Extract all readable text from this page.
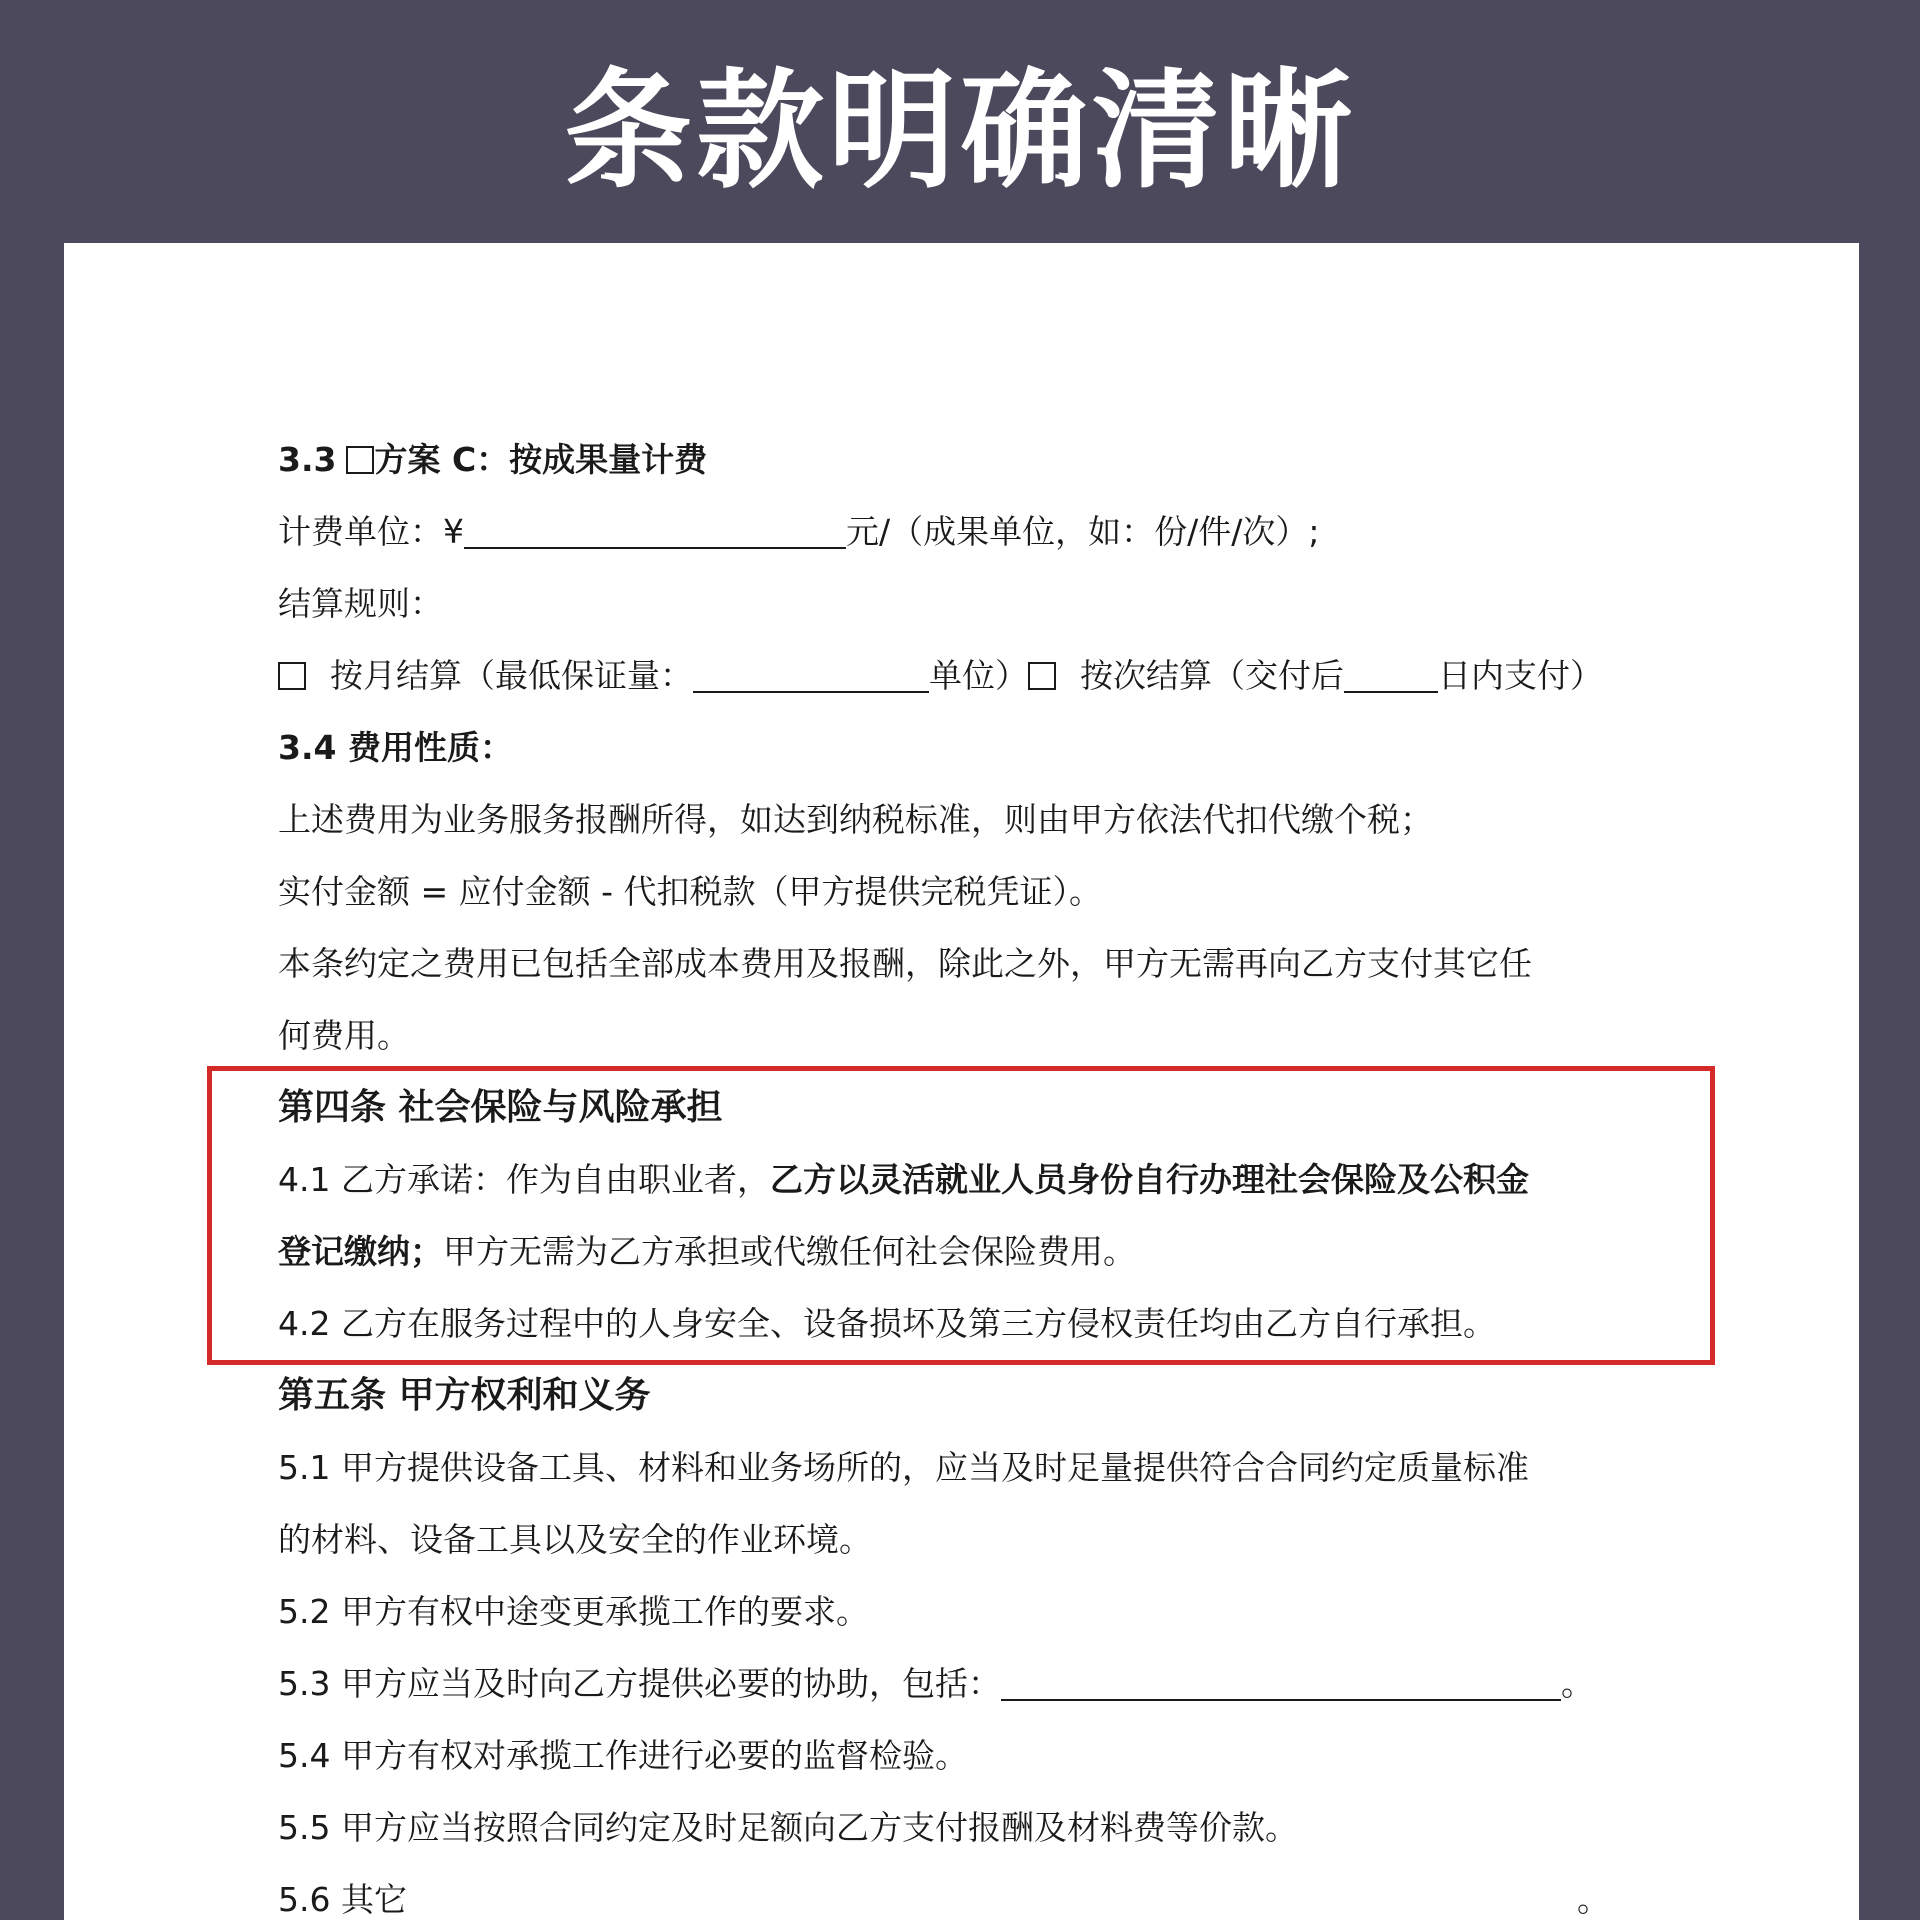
条款明确清晰
3.3 方案 C：按成果量计费
计费单位：¥	元/（成果单位，如：份/件/次）;
结算规则：
按月结算（最低保证量：	单位） 按次结算（交付后	日内支付）
3.4 费用性质：
上述费用为业务服务报酬所得，如达到纳税标准，则由甲方依法代扣代缴个税；
实付金额 = 应付金额 - 代扣税款（甲方提供完税凭证）。
本条约定之费用已包括全部成本费用及报酬，除此之外，甲方无需再向乙方支付其它任
何费用。
第四条 社会保险与风险承担
4.1 乙方承诺：作为自由职业者，乙方以灵活就业人员身份自行办理社会保险及公积金
登记缴纳；甲方无需为乙方承担或代缴任何社会保险费用。
4.2 乙方在服务过程中的人身安全、设备损坏及第三方侵权责任均由乙方自行承担。
第五条 甲方权利和义务
5.1 甲方提供设备工具、材料和业务场所的，应当及时足量提供符合合同约定质量标准
的材料、设备工具以及安全的作业环境。
5.2 甲方有权中途变更承揽工作的要求。
5.3 甲方应当及时向乙方提供必要的协助，包括：	。
5.4 甲方有权对承揽工作进行必要的监督检验。
5.5 甲方应当按照合同约定及时足额向乙方支付报酬及材料费等价款。
5.6 其它	。
